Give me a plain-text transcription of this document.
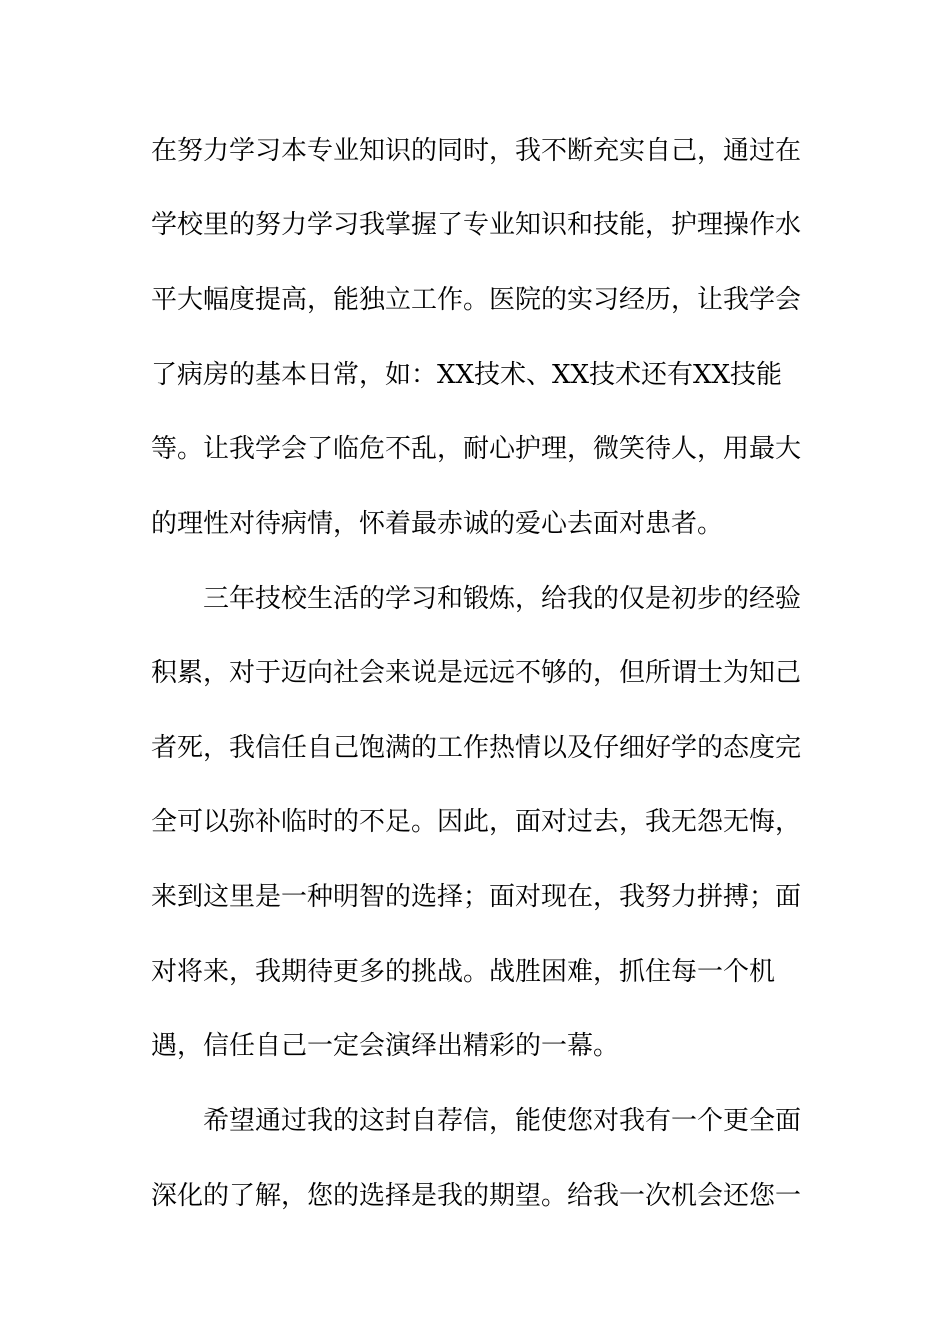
在努力学习本专业知识的同时，我不断充实自己，通过在
学校里的努力学习我掌握了专业知识和技能，护理操作水
平大幅度提高，能独立工作。医院的实习经历，让我学会
了病房的基本日常，如：XX技术、XX技术还有XX技能
等。让我学会了临危不乱，耐心护理，微笑待人，用最大
的理性对待病情，怀着最赤诚的爱心去面对患者。
三年技校生活的学习和锻炼，给我的仅是初步的经验
积累，对于迈向社会来说是远远不够的，但所谓士为知己
者死，我信任自己饱满的工作热情以及仔细好学的态度完
全可以弥补临时的不足。因此，面对过去，我无怨无悔，
来到这里是一种明智的选择；面对现在，我努力拼搏；面
对将来，我期待更多的挑战。战胜困难，抓住每一个机
遇，信任自己一定会演绎出精彩的一幕。
希望通过我的这封自荐信，能使您对我有一个更全面
深化的了解，您的选择是我的期望。给我一次机会还您一
